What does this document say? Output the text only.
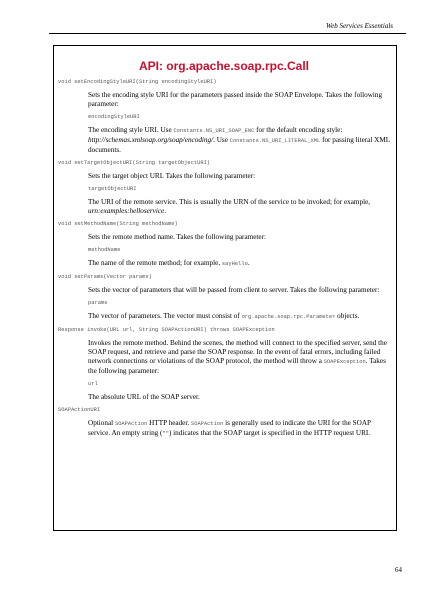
Web Services Essentials
API: org.apache.soap.rpc.Call
void setEncodingStyleURI(String encodingStyleURI)

Sets the encoding style URI for the parameters passed inside the SOAP Envelope. Takes the following parameter:

encodingStyleURI

The encoding style URI. Use Constants.NS_URI_SOAP_ENC for the default encoding style: http://schemas.xmlsoap.org/soap/encoding/. Use Constants.NS_URI_LITERAL_XML for passing literal XML documents.

void setTargetObjectURI(String targetObjectURI)

Sets the target object URI. Takes the following parameter:

targetObjectURI

The URI of the remote service. This is usually the URN of the service to be invoked; for example, urn:examples:helloservice.

void setMethodName(String methodName)

Sets the remote method name. Takes the following parameter:

methodName

The name of the remote method; for example, sayHello.

void setParams(Vector params)

Sets the vector of parameters that will be passed from client to server. Takes the following parameter:

params

The vector of parameters. The vector must consist of org.apache.soap.rpc.Parameter objects.

Response invoke(URL url, String SOAPActionURI) throws SOAPException

Invokes the remote method. Behind the scenes, the method will connect to the specified server, send the SOAP request, and retrieve and parse the SOAP response. In the event of fatal errors, including failed network connections or violations of the SOAP protocol, the method will throw a SOAPException. Takes the following parameter:

url

The absolute URL of the SOAP server.

SOAPActionURI

Optional SOAPAction HTTP header. SOAPAction is generally used to indicate the URI for the SOAP service. An empty string ("") indicates that the SOAP target is specified in the HTTP request URI.

64
